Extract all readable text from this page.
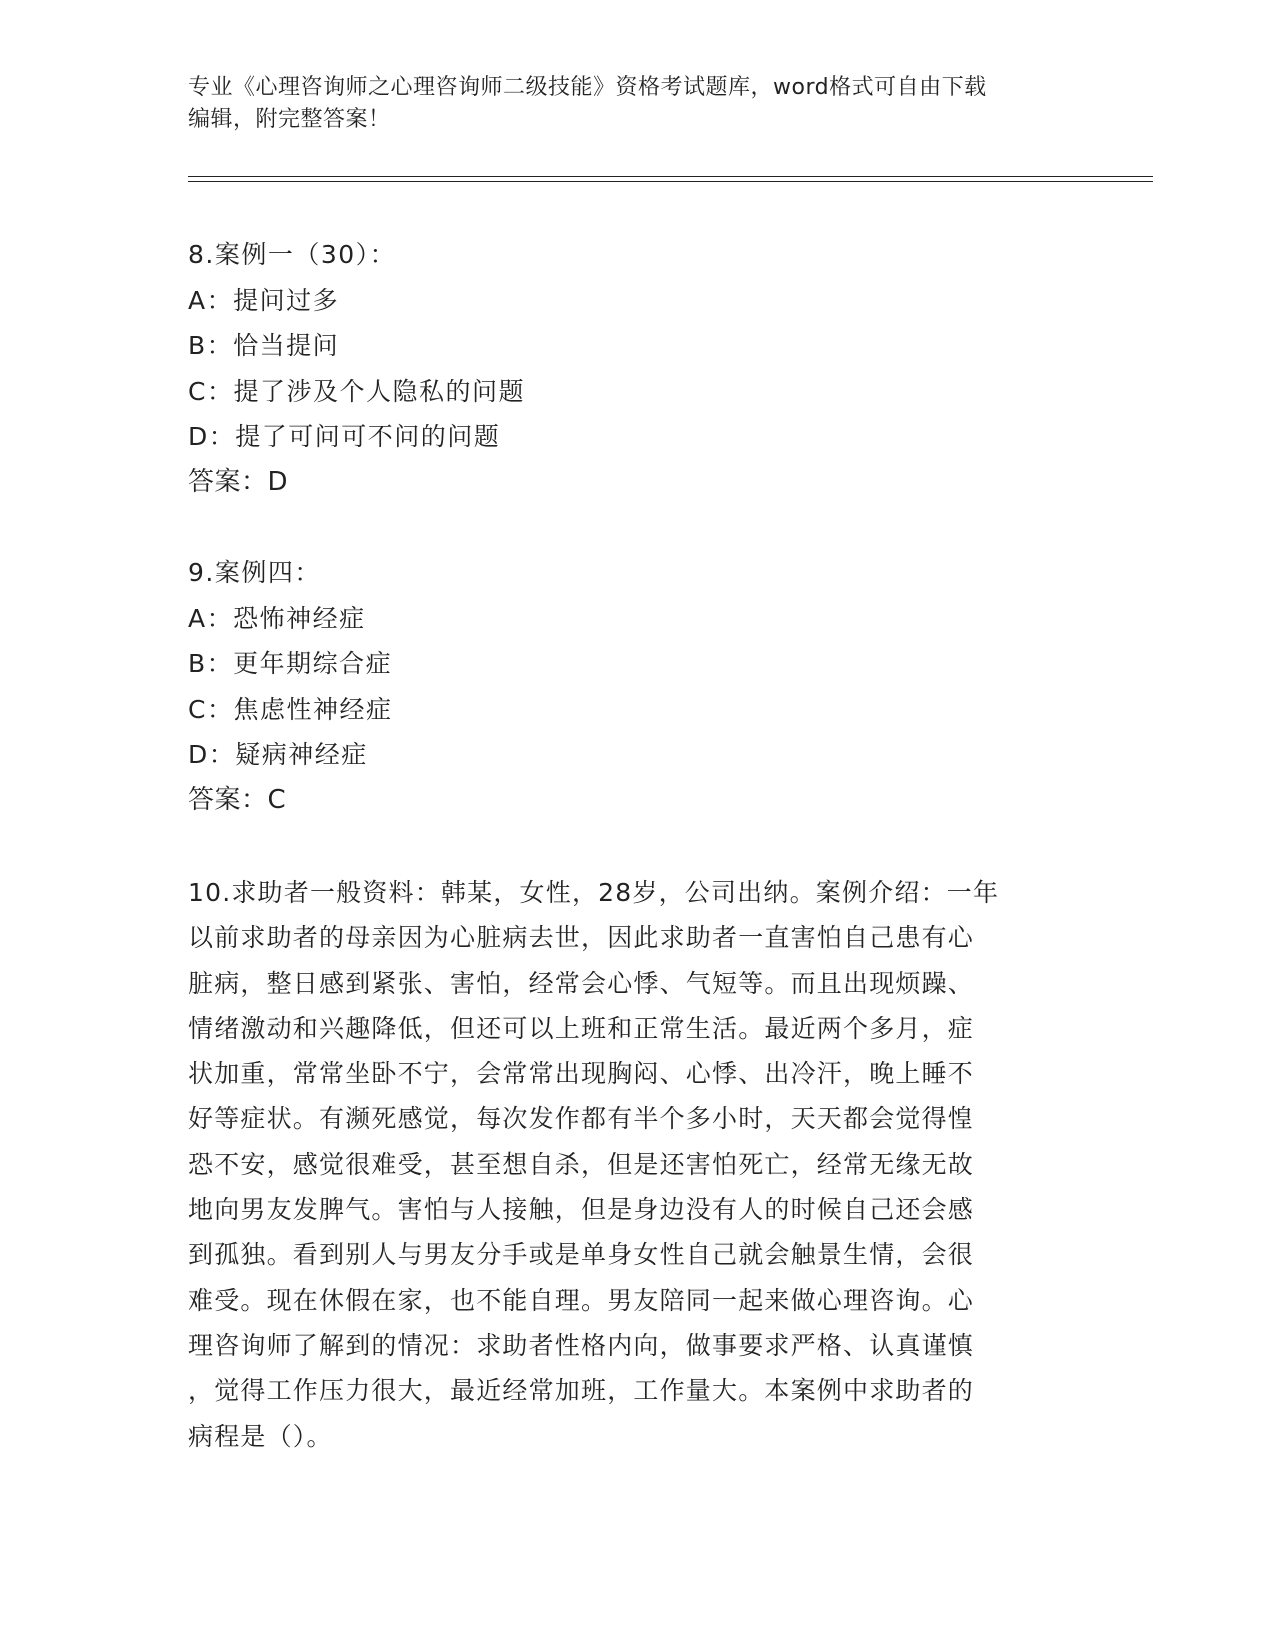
专业《心理咨询师之心理咨询师二级技能》资格考试题库，word格式可自由下载
编辑，附完整答案！
8.案例一（30）：
A：提问过多
B：恰当提问
C：提了涉及个人隐私的问题
D：提了可问可不问的问题
答案：D
9.案例四：
A：恐怖神经症
B：更年期综合症
C：焦虑性神经症
D：疑病神经症
答案：C
10.求助者一般资料：韩某，女性，28岁，公司出纳。案例介绍：一年
以前求助者的母亲因为心脏病去世，因此求助者一直害怕自己患有心
脏病，整日感到紧张、害怕，经常会心悸、气短等。而且出现烦躁、
情绪激动和兴趣降低，但还可以上班和正常生活。最近两个多月，症
状加重，常常坐卧不宁，会常常出现胸闷、心悸、出冷汗，晚上睡不
好等症状。有濒死感觉，每次发作都有半个多小时，天天都会觉得惶
恐不安，感觉很难受，甚至想自杀，但是还害怕死亡，经常无缘无故
地向男友发脾气。害怕与人接触，但是身边没有人的时候自己还会感
到孤独。看到别人与男友分手或是单身女性自己就会触景生情，会很
难受。现在休假在家，也不能自理。男友陪同一起来做心理咨询。心
理咨询师了解到的情况：求助者性格内向，做事要求严格、认真谨慎
，觉得工作压力很大，最近经常加班，工作量大。本案例中求助者的
病程是（）。
